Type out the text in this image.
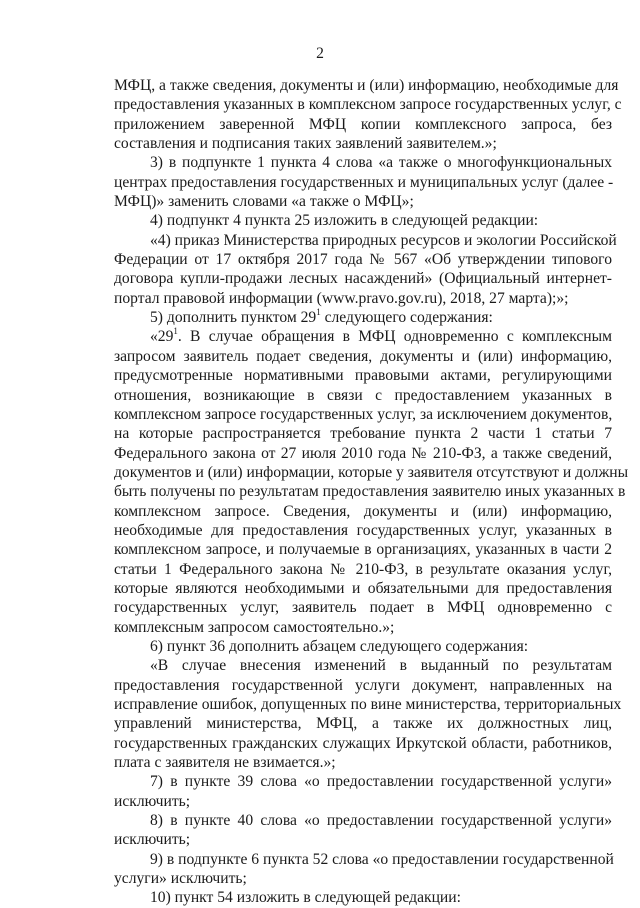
2
МФЦ, а также сведения, документы и (или) информацию, необходимые для
предоставления указанных в комплексном запросе государственных услуг, с
приложением заверенной МФЦ копии комплексного запроса, без
составления и подписания таких заявлений заявителем.»;
3) в подпункте 1 пункта 4 слова «а также о многофункциональных
центрах предоставления государственных и муниципальных услуг (далее -
МФЦ)» заменить словами «а также о МФЦ»;
4) подпункт 4 пункта 25 изложить в следующей редакции:
«4) приказ Министерства природных ресурсов и экологии Российской
Федерации от 17 октября 2017 года № 567 «Об утверждении типового
договора купли-продажи лесных насаждений» (Официальный интернет-
портал правовой информации (www.pravo.gov.ru), 2018, 27 марта);»;
5) дополнить пунктом $29^1$ следующего содержания:
«$29^1$. В случае обращения в МФЦ одновременно с комплексным
запросом заявитель подает сведения, документы и (или) информацию,
предусмотренные нормативными правовыми актами, регулирующими
отношения, возникающие в связи с предоставлением указанных в
комплексном запросе государственных услуг, за исключением документов,
на которые распространяется требование пункта 2 части 1 статьи 7
Федерального закона от 27 июля 2010 года № 210-ФЗ, а также сведений,
документов и (или) информации, которые у заявителя отсутствуют и должны
быть получены по результатам предоставления заявителю иных указанных в
комплексном запросе. Сведения, документы и (или) информацию,
необходимые для предоставления государственных услуг, указанных в
комплексном запросе, и получаемые в организациях, указанных в части 2
статьи 1 Федерального закона № 210-ФЗ, в результате оказания услуг,
которые являются необходимыми и обязательными для предоставления
государственных услуг, заявитель подает в МФЦ одновременно с
комплексным запросом самостоятельно.»;
6) пункт 36 дополнить абзацем следующего содержания:
«В случае внесения изменений в выданный по результатам
предоставления государственной услуги документ, направленных на
исправление ошибок, допущенных по вине министерства, территориальных
управлений министерства, МФЦ, а также их должностных лиц,
государственных гражданских служащих Иркутской области, работников,
плата с заявителя не взимается.»;
7) в пункте 39 слова «о предоставлении государственной услуги»
исключить;
8) в пункте 40 слова «о предоставлении государственной услуги»
исключить;
9) в подпункте 6 пункта 52 слова «о предоставлении государственной
услуги» исключить;
10) пункт 54 изложить в следующей редакции:
